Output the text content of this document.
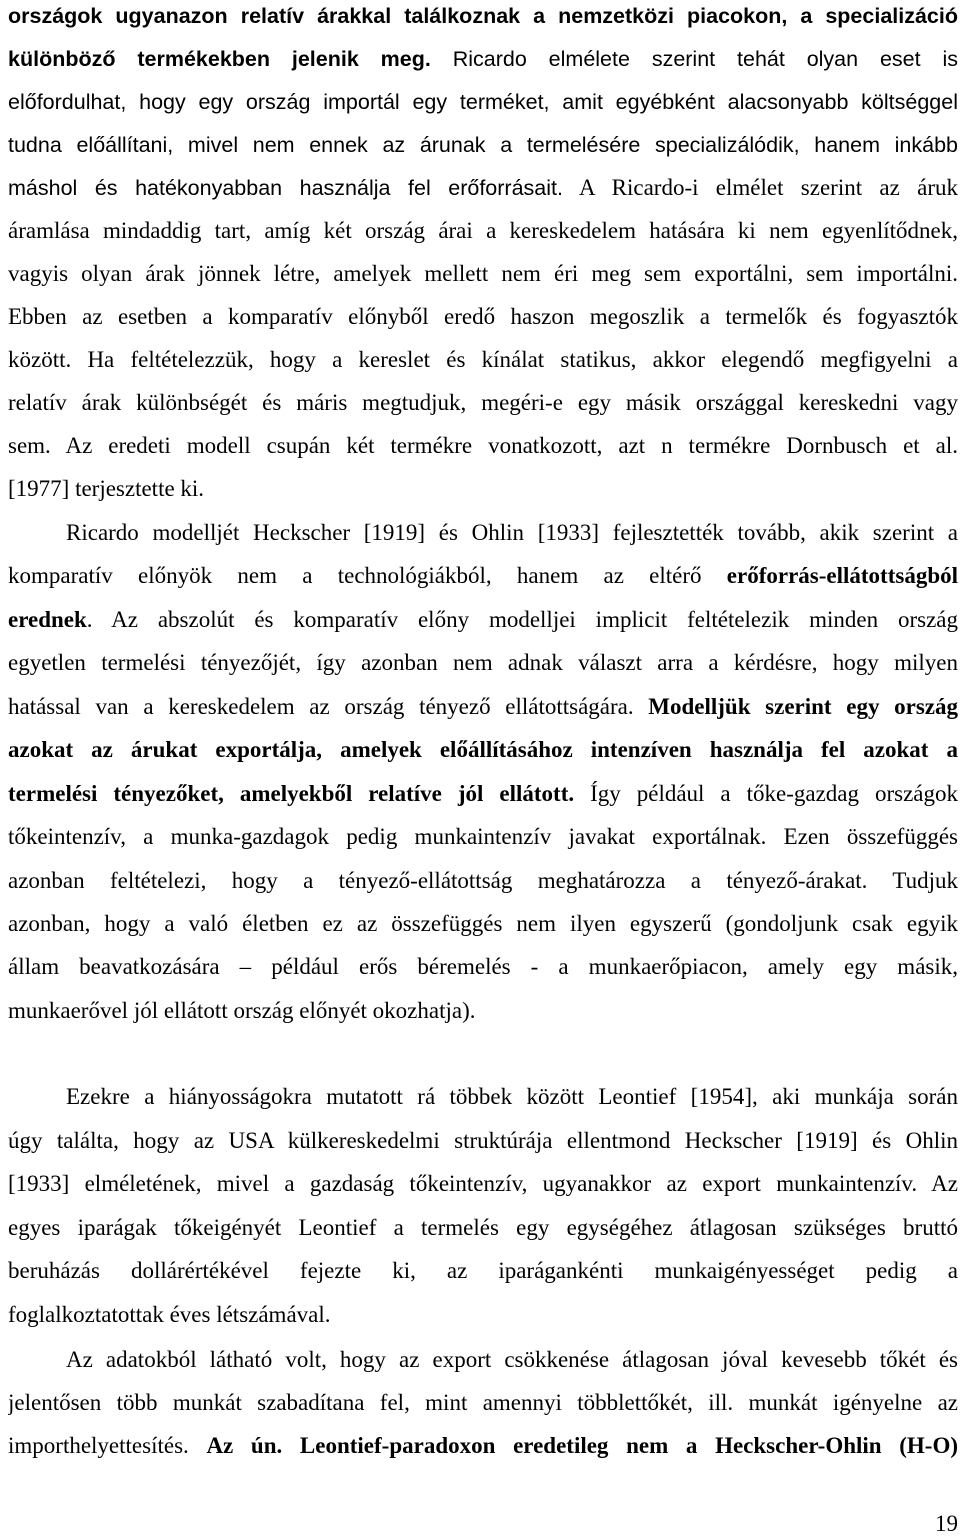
országok ugyanazon relatív árakkal találkoznak a nemzetközi piacokon, a specializáció
különböző termékekben jelenik meg. Ricardo elmélete szerint tehát olyan eset is
előfordulhat, hogy egy ország importál egy terméket, amit egyébként alacsonyabb költséggel
tudna előállítani, mivel nem ennek az árunak a termelésére specializálódik, hanem inkább
máshol és hatékonyabban használja fel erőforrásait. A Ricardo-i elmélet szerint az áruk
áramlása mindaddig tart, amíg két ország árai a kereskedelem hatására ki nem egyenlítődnek,
vagyis olyan árak jönnek létre, amelyek mellett nem éri meg sem exportálni, sem importálni.
Ebben az esetben a komparatív előnyből eredő haszon megoszlik a termelők és fogyasztók
között. Ha feltételezzük, hogy a kereslet és kínálat statikus, akkor elegendő megfigyelni a
relatív árak különbségét és máris megtudjuk, megéri-e egy másik országgal kereskedni vagy
sem. Az eredeti modell csupán két termékre vonatkozott, azt n termékre Dornbusch et al.
[1977] terjesztette ki.
Ricardo modelljét Heckscher [1919] és Ohlin [1933] fejlesztették tovább, akik szerint a
komparatív előnyök nem a technológiákból, hanem az eltérő erőforrás-ellátottságból
erednek. Az abszolút és komparatív előny modelljei implicit feltételezik minden ország
egyetlen termelési tényezőjét, így azonban nem adnak választ arra a kérdésre, hogy milyen
hatással van a kereskedelem az ország tényező ellátottságára. Modelljük szerint egy ország
azokat az árukat exportálja, amelyek előállításához intenzíven használja fel azokat a
termelési tényezőket, amelyekből relatíve jól ellátott. Így például a tőke-gazdag országok
tőkeintenzív, a munka-gazdagok pedig munkaintenzív javakat exportálnak. Ezen összefüggés
azonban feltételezi, hogy a tényező-ellátottság meghatározza a tényező-árakat. Tudjuk
azonban, hogy a való életben ez az összefüggés nem ilyen egyszerű (gondoljunk csak egyik
állam beavatkozására – például erős béremelés - a munkaerőpiacon, amely egy másik,
munkaerővel jól ellátott ország előnyét okozhatja).
Ezekre a hiányosságokra mutatott rá többek között Leontief [1954], aki munkája során
úgy találta, hogy az USA külkereskedelmi struktúrája ellentmond Heckscher [1919] és Ohlin
[1933] elméletének, mivel a gazdaság tőkeintenzív, ugyanakkor az export munkaintenzív. Az
egyes iparágak tőkeigényét Leontief a termelés egy egységéhez átlagosan szükséges bruttó
beruházás dollárértékével fejezte ki, az iparágankénti munkaigényességet pedig a
foglalkoztatottak éves létszámával.
Az adatokból látható volt, hogy az export csökkenése átlagosan jóval kevesebb tőkét és
jelentősen több munkát szabadítana fel, mint amennyi többlettőkét, ill. munkát igényelne az
importhelyettesítés. Az ún. Leontief-paradoxon eredetileg nem a Heckscher-Ohlin (H-O)
19
